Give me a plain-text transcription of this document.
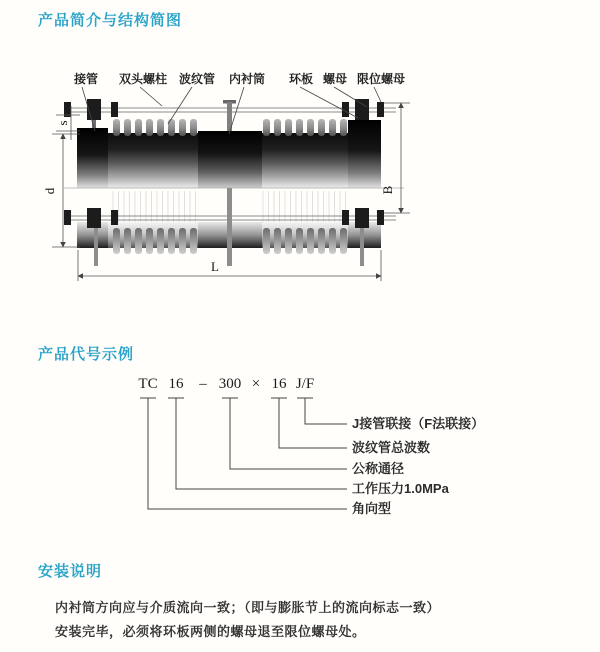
产品简介与结构简图
s
d	B
L
接管 双头螺柱 波纹管 内衬筒 环板 螺母 限位螺母
产品代号示例
TC 16 – 300 × 16 J/F
J接管联接（F法联接）
波纹管总波数
公称通径
工作压力1.0MPa
角向型
安装说明
内衬筒方向应与介质流向一致；（即与膨胀节上的流向标志一致）
安装完毕，必须将环板两侧的螺母退至限位螺母处。
